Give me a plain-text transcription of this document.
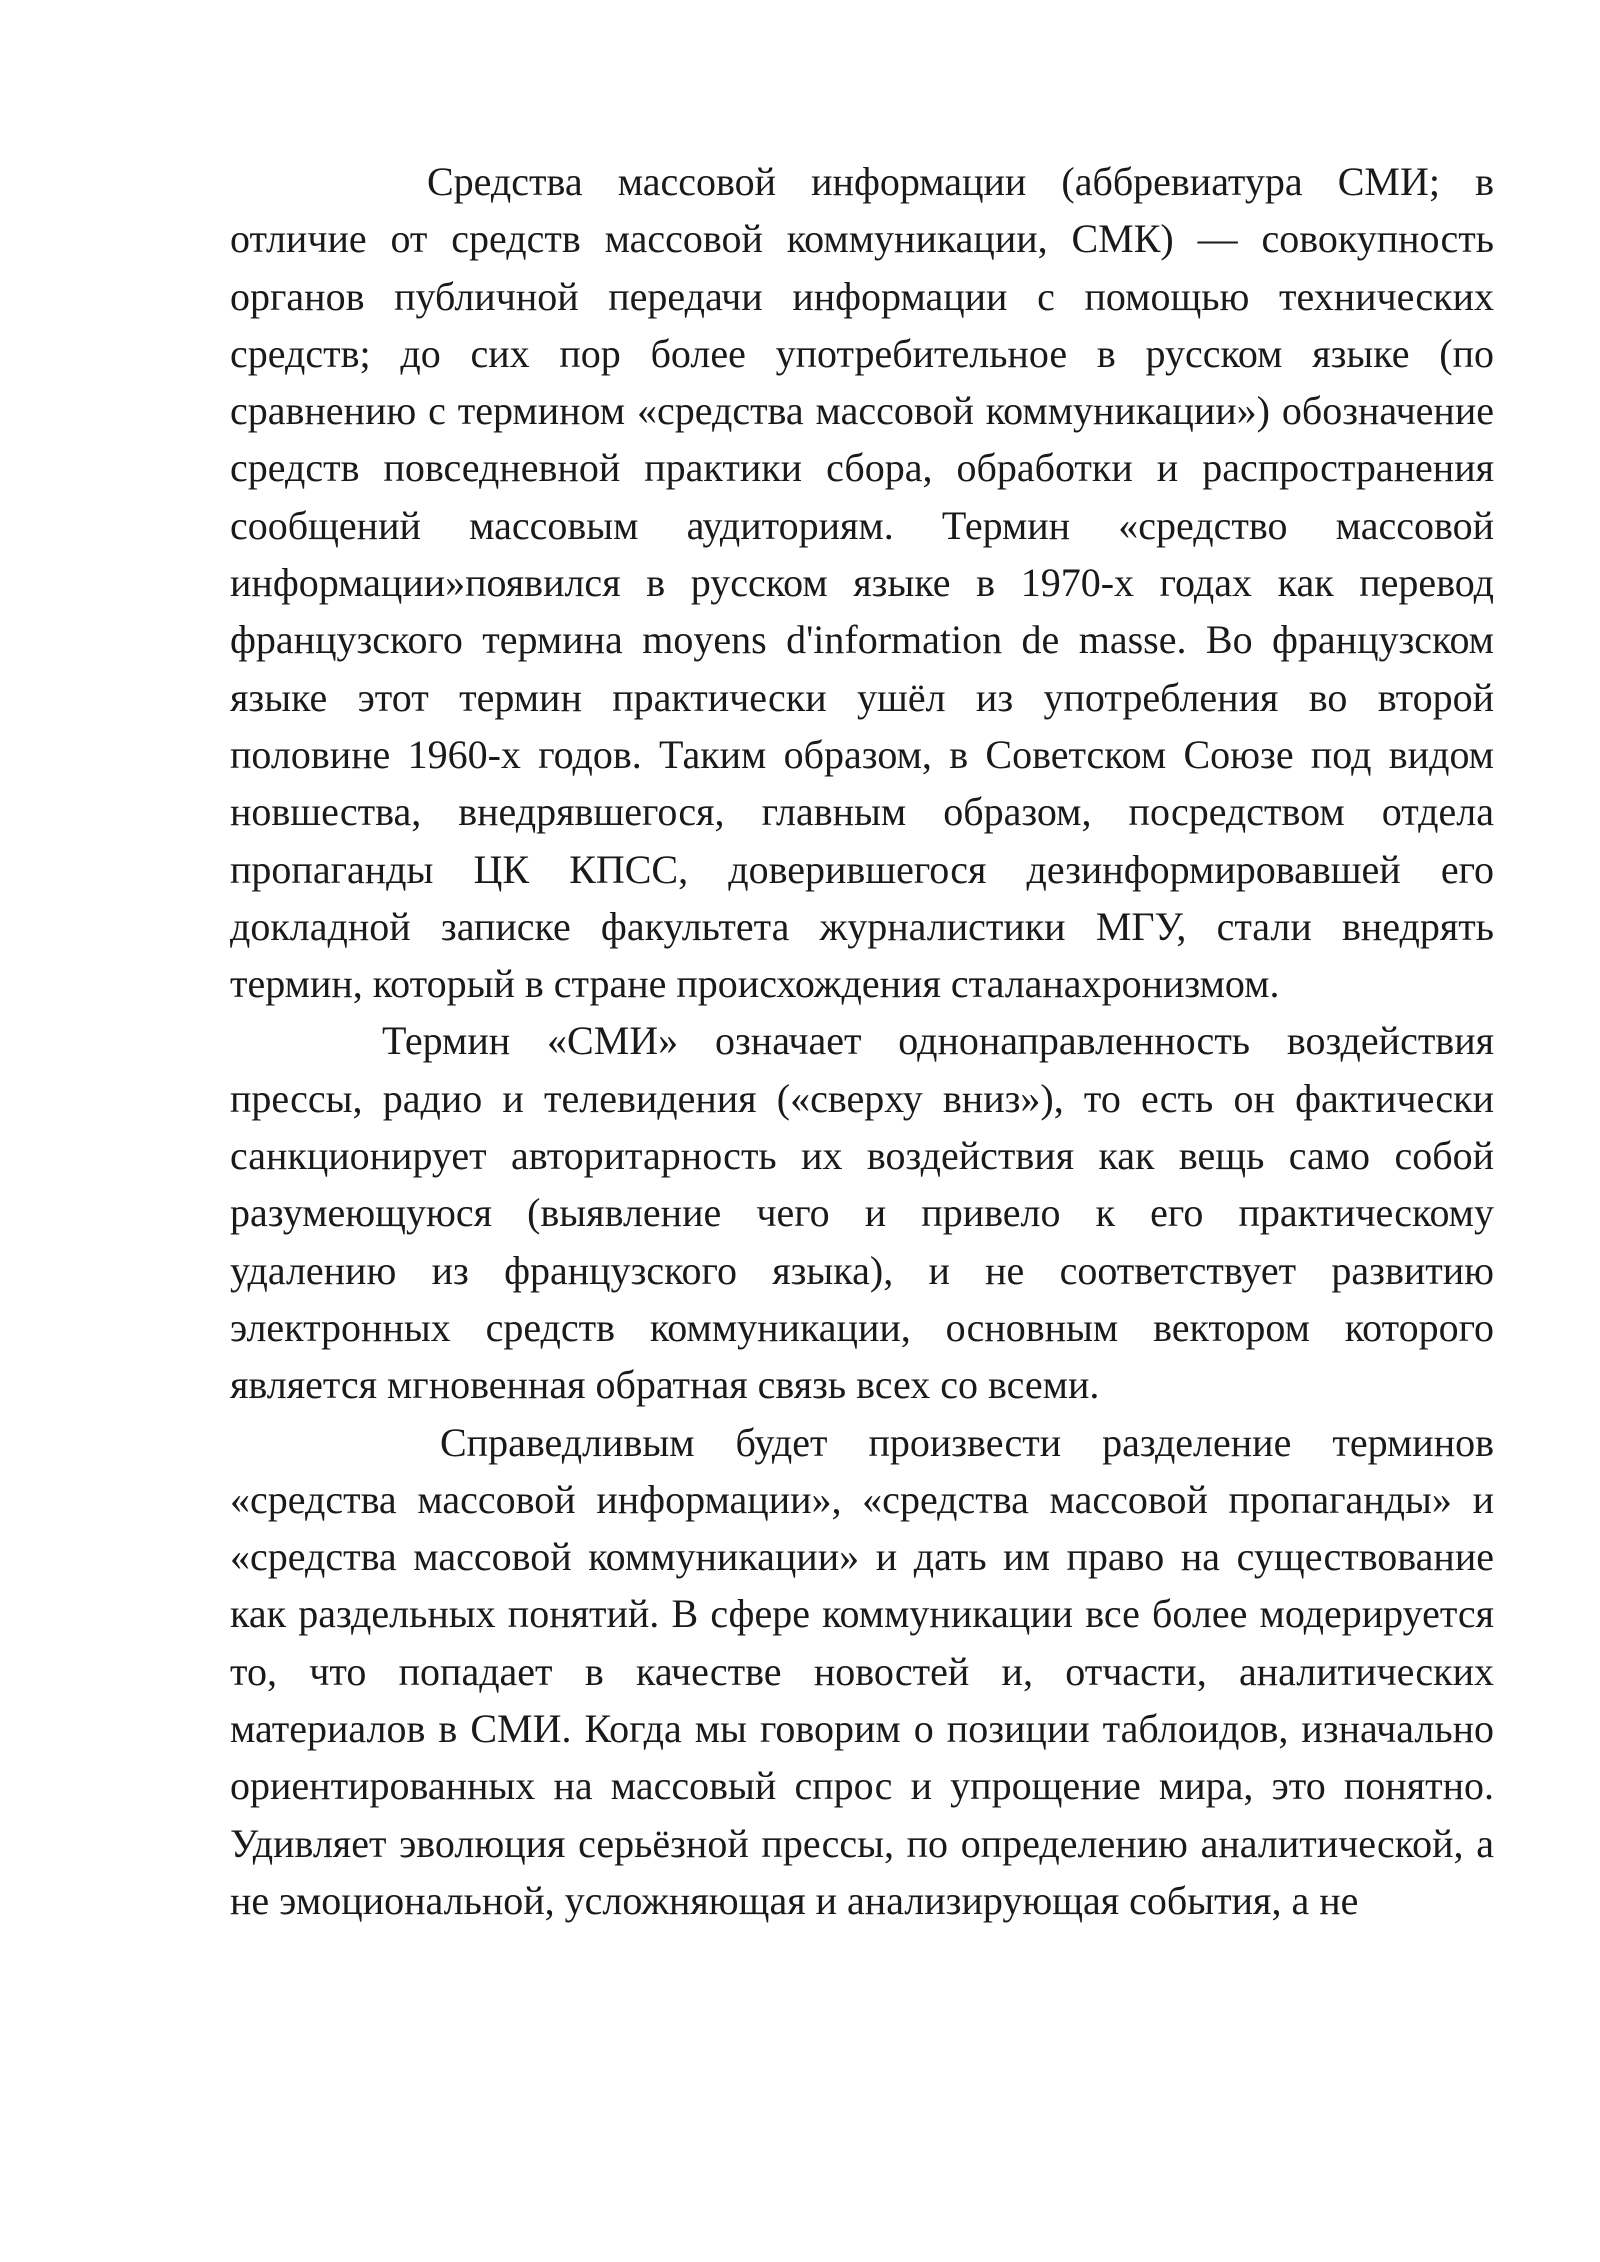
Средства массовой информации (аббревиатура СМИ; в отличие от средств массовой коммуникации, СМК) — совокупность органов публичной передачи информации с помощью технических средств; до сих пор более употребительное в русском языке (по сравнению с термином «средства массовой коммуникации») обозначение средств повседневной практики сбора, обработки и распространения сообщений массовым аудиториям. Термин «средство массовой информации»появился в русском языке в 1970-х годах как перевод французского термина moyens d'information de masse. Во французском языке этот термин практически ушёл из употребления во второй половине 1960-х годов. Таким образом, в Советском Союзе под видом новшества, внедрявшегося, главным образом, посредством отдела пропаганды ЦК КПСС, доверившегося дезинформировавшей его докладной записке факультета журналистики МГУ, стали внедрять термин, который в стране происхождения сталанахронизмом.

Термин «СМИ» означает однонаправленность воздействия прессы, радио и телевидения («сверху вниз»), то есть он фактически санкционирует авторитарность их воздействия как вещь само собой разумеющуюся (выявление чего и привело к его практическому удалению из французского языка), и не соответствует развитию электронных средств коммуникации, основным вектором которого является мгновенная обратная связь всех со всеми.

Справедливым будет произвести разделение терминов «средства массовой информации», «средства массовой пропаганды» и «средства массовой коммуникации» и дать им право на существование как раздельных понятий. В сфере коммуникации все более модерируется то, что попадает в качестве новостей и, отчасти, аналитических материалов в СМИ. Когда мы говорим о позиции таблоидов, изначально ориентированных на массовый спрос и упрощение мира, это понятно. Удивляет эволюция серьёзной прессы, по определению аналитической, а не эмоциональной, усложняющая и анализирующая события, а не
